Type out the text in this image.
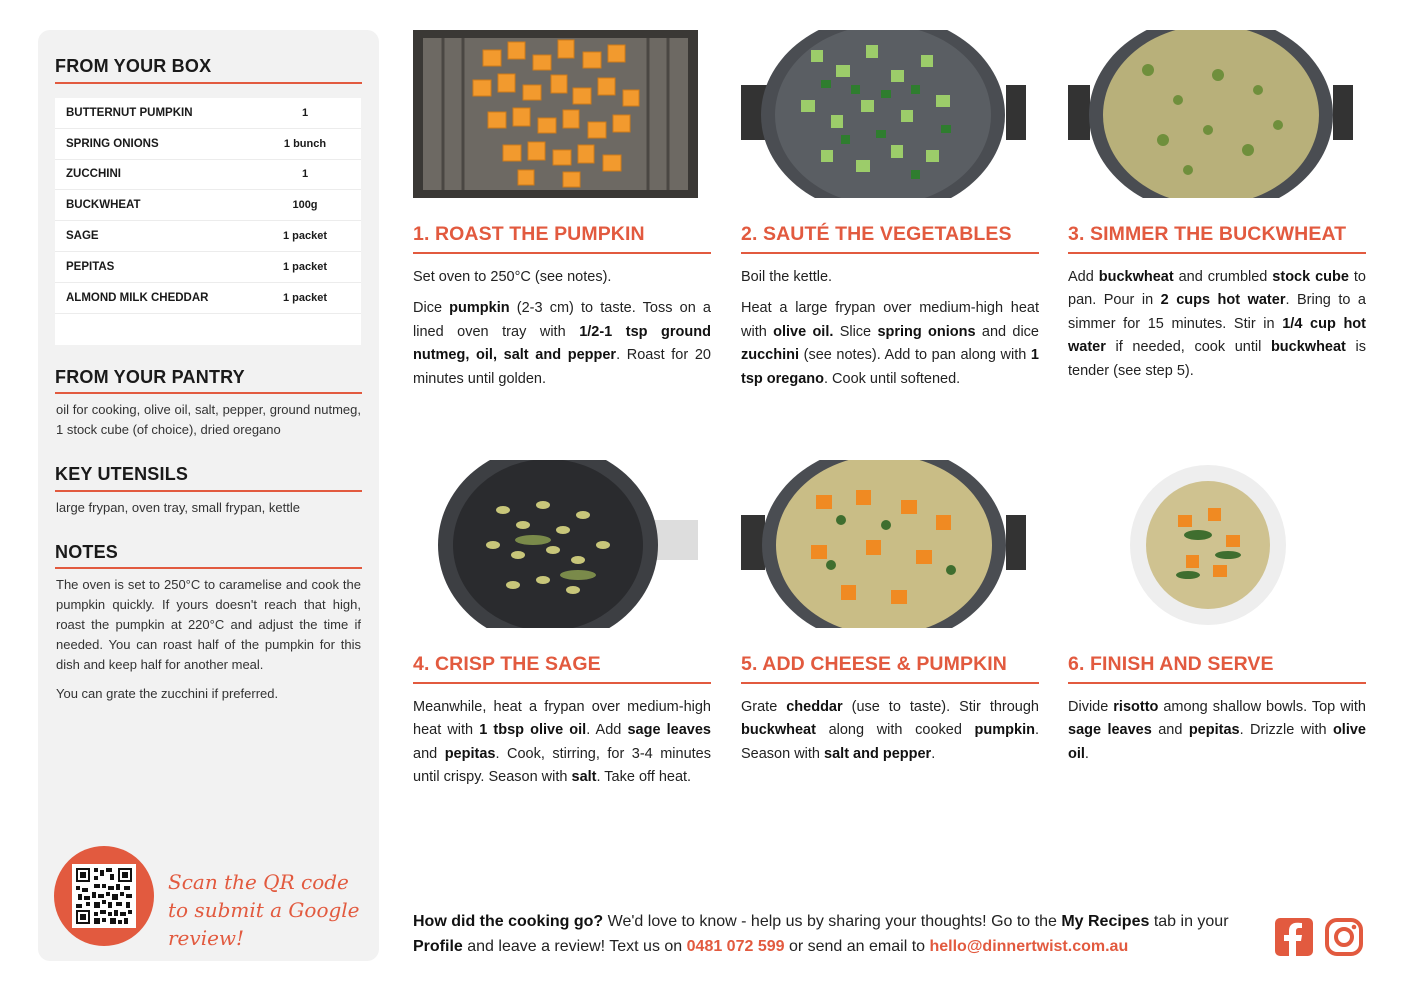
FROM YOUR BOX
BUTTERNUT PUMPKIN	1
SPRING ONIONS	1 bunch
ZUCCHINI	1
BUCKWHEAT	100g
SAGE	1 packet
PEPITAS	1 packet
ALMOND MILK CHEDDAR	1 packet
FROM YOUR PANTRY
oil for cooking, olive oil, salt, pepper, ground nutmeg, 1 stock cube (of choice), dried oregano
KEY UTENSILS
large frypan, oven tray, small frypan, kettle
NOTES
The oven is set to 250°C to caramelise and cook the pumpkin quickly. If yours doesn't reach that high, roast the pumpkin at 220°C and adjust the time if needed. You can roast half of the pumpkin for this dish and keep half for another meal.
You can grate the zucchini if preferred.
Scan the QR code to submit a Google review!
1. ROAST THE PUMPKIN

Set oven to 250°C (see notes).

Dice pumpkin (2-3 cm) to taste. Toss on a lined oven tray with 1/2-1 tsp ground nutmeg, oil, salt and pepper. Roast for 20 minutes until golden.

2. SAUTÉ THE VEGETABLES

Boil the kettle.

Heat a large frypan over medium-high heat with olive oil. Slice spring onions and dice zucchini (see notes). Add to pan along with 1 tsp oregano. Cook until softened.

3. SIMMER THE BUCKWHEAT

Add buckwheat and crumbled stock cube to pan. Pour in 2 cups hot water. Bring to a simmer for 15 minutes. Stir in 1/4 cup hot water if needed, cook until buckwheat is tender (see step 5).

4. CRISP THE SAGE

Meanwhile, heat a frypan over medium-high heat with 1 tbsp olive oil. Add sage leaves and pepitas. Cook, stirring, for 3-4 minutes until crispy. Season with salt. Take off heat.

5. ADD CHEESE & PUMPKIN

Grate cheddar (use to taste). Stir through buckwheat along with cooked pumpkin. Season with salt and pepper.

6. FINISH AND SERVE

Divide risotto among shallow bowls. Top with sage leaves and pepitas. Drizzle with olive oil.

How did the cooking go? We'd love to know - help us by sharing your thoughts! Go to the My Recipes tab in your Profile and leave a review! Text us on 0481 072 599 or send an email to hello@dinnertwist.com.au
